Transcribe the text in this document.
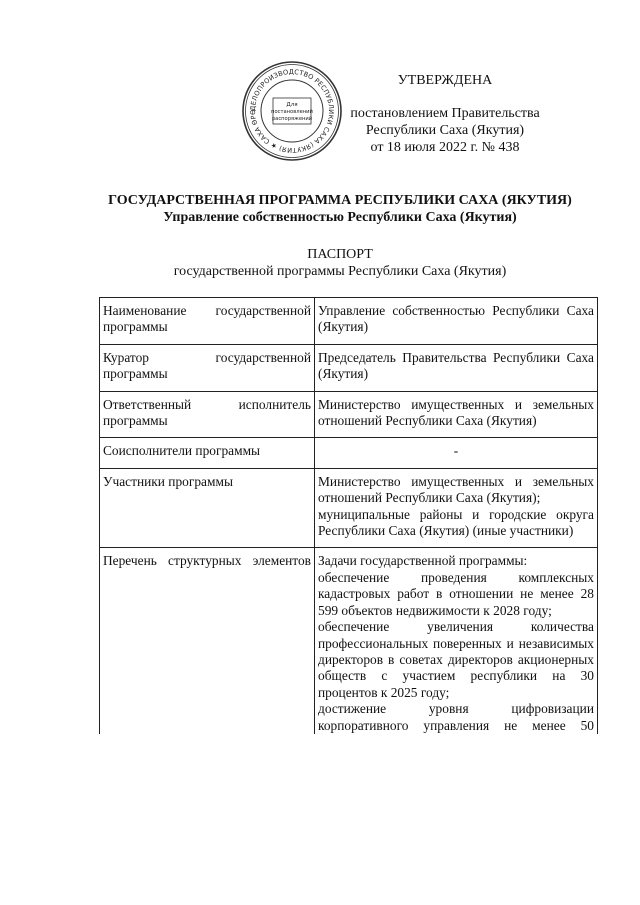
ДЕЛОПРОИЗВОДСТВО РЕСПУБЛИКИ САХА (ЯКУТИЯ) ★ САХА ӨРӨ
Для
постановлений
распоряжений
УТВЕРЖДЕНА
постановлением Правительства
Республики Саха (Якутия)
от 18 июля 2022 г. № 438
ГОСУДАРСТВЕННАЯ ПРОГРАММА РЕСПУБЛИКИ САХА (ЯКУТИЯ)
Управление собственностью Республики Саха (Якутия)
ПАСПОРТ
государственной программы Республики Саха (Якутия)
Наименование государственной программы	Управление собственностью Республики Саха (Якутия)

Куратор государственной программы	Председатель Правительства Республики Саха (Якутия)

Ответственный исполнитель программы	Министерство имущественных и земельных отношений Республики Саха (Якутия)

Соисполнители программы	-
Участники программы	Министерство имущественных и земельных отношений Республики Саха (Якутия);
муниципальные районы и городские округа Республики Саха (Якутия) (иные участники)

Перечень структурных элементов	Задачи государственной программы:
обеспечение проведения комплексных кадастровых работ в отношении не менее 28 599 объектов недвижимости к 2028 году;
обеспечение увеличения количества профессиональных поверенных и независимых директоров в советах директоров акционерных обществ с участием республики на 30 процентов к 2025 году;
достижение уровня цифровизации корпоративного управления не менее 50
